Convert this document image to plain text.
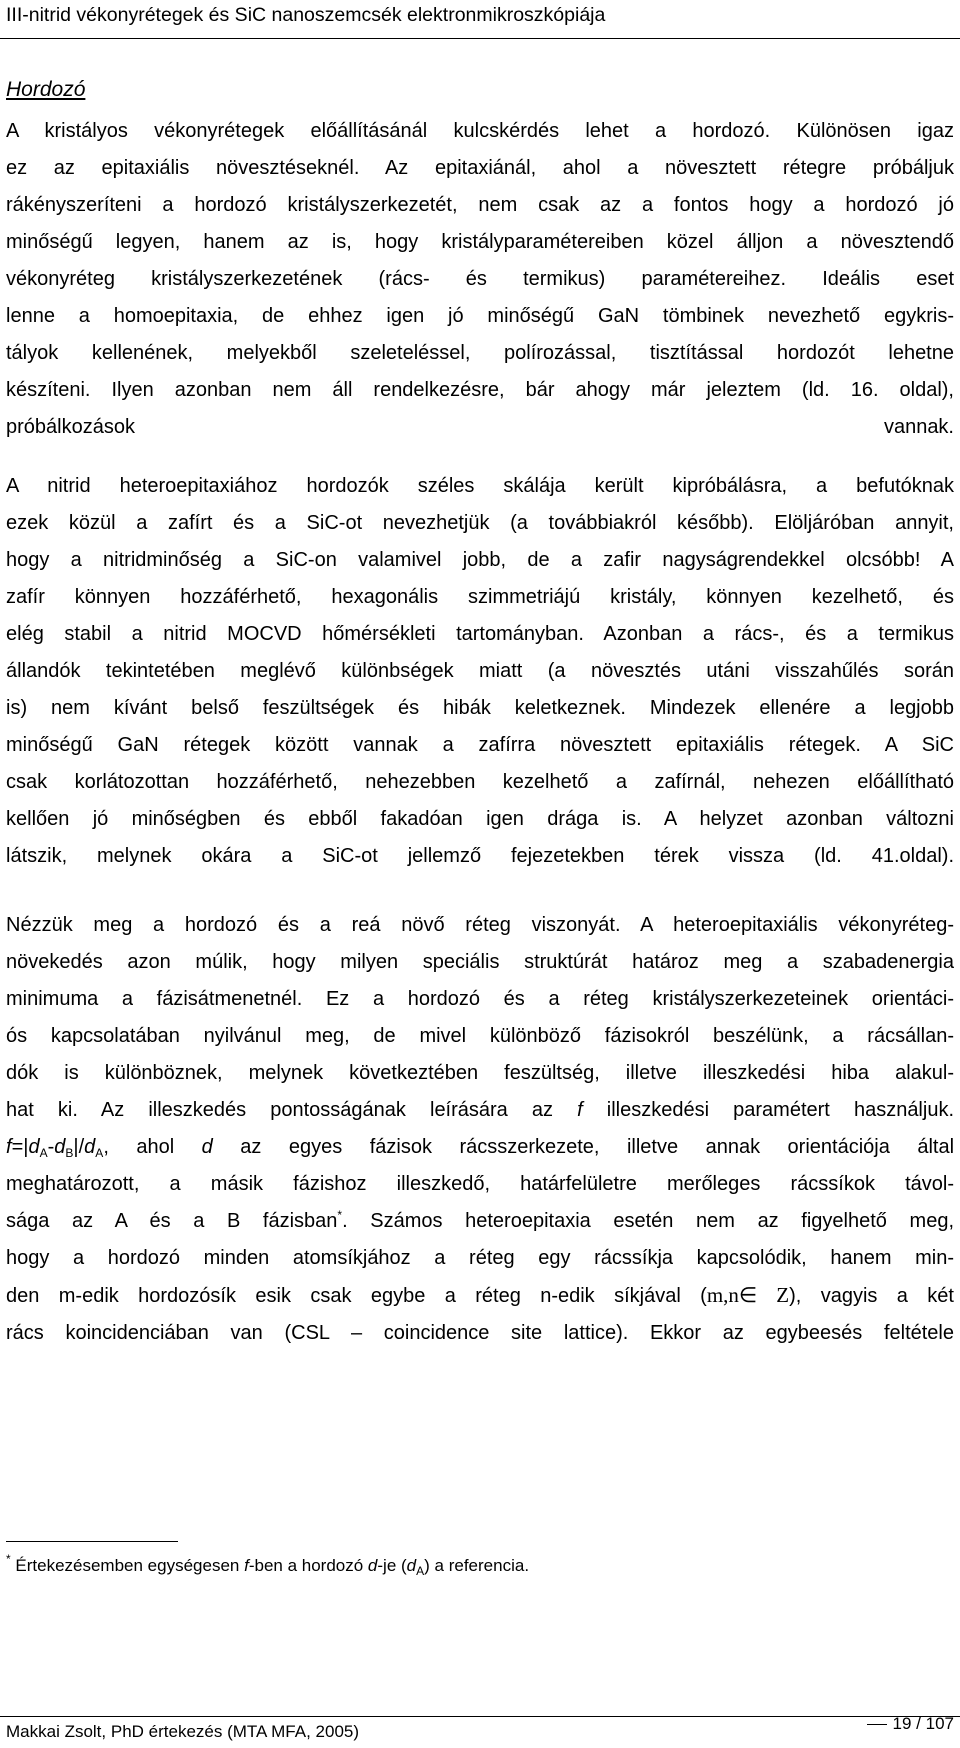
III-nitrid vékonyrétegek és SiC nanoszemcsék elektronmikroszkópiája
Hordozó
A kristályos vékonyrétegek előállításánál kulcskérdés lehet a hordozó. Különösen igaz
ez az epitaxiális növesztéseknél. Az epitaxiánál, ahol a növesztett rétegre próbáljuk
rákényszeríteni a hordozó kristályszerkezetét, nem csak az a fontos hogy a hordozó jó
minőségű legyen, hanem az is, hogy kristályparamétereiben közel álljon a növesztendő
vékonyréteg kristályszerkezetének (rács- és termikus) paramétereihez. Ideális eset
lenne a homoepitaxia, de ehhez igen jó minőségű GaN tömbinek nevezhető egykris-
tályok kellenének, melyekből szeleteléssel, polírozással, tisztítással hordozót lehetne
készíteni. Ilyen azonban nem áll rendelkezésre, bár ahogy már jeleztem (ld. 16. oldal),
próbálkozások vannak.
A nitrid heteroepitaxiához hordozók széles skálája került kipróbálásra, a befutóknak
ezek közül a zafírt és a SiC-ot nevezhetjük (a továbbiakról később). Elöljáróban annyit,
hogy a nitridminőség a SiC-on valamivel jobb, de a zafir nagyságrendekkel olcsóbb! A
zafír könnyen hozzáférhető, hexagonális szimmetriájú kristály, könnyen kezelhető, és
elég stabil a nitrid MOCVD hőmérsékleti tartományban. Azonban a rács-, és a termikus
állandók tekintetében meglévő különbségek miatt (a növesztés utáni visszahűlés során
is) nem kívánt belső feszültségek és hibák keletkeznek. Mindezek ellenére a legjobb
minőségű GaN rétegek között vannak a zafírra növesztett epitaxiális rétegek. A SiC
csak korlátozottan hozzáférhető, nehezebben kezelhető a zafírnál, nehezen előállítható
kellően jó minőségben és ebből fakadóan igen drága is. A helyzet azonban változni
látszik, melynek okára a SiC-ot jellemző fejezetekben térek vissza (ld. 41.oldal).
Nézzük meg a hordozó és a reá növő réteg viszonyát. A heteroepitaxiális vékonyréteg-
növekedés azon múlik, hogy milyen speciális struktúrát határoz meg a szabadenergia
minimuma a fázisátmenetnél. Ez a hordozó és a réteg kristályszerkezeteinek orientáci-
ós kapcsolatában nyilvánul meg, de mivel különböző fázisokról beszélünk, a rácsállan-
dók is különböznek, melynek következtében feszültség, illetve illeszkedési hiba alakul-
hat ki. Az illeszkedés pontosságának leírására az f illeszkedési paramétert használjuk.
$f=|d_A-d_B|/d_A$, ahol d az egyes fázisok rácsszerkezete, illetve annak orientációja által
meghatározott, a másik fázishoz illeszkedő, határfelületre merőleges rácssíkok távol-
sága az A és a B fázisban*. Számos heteroepitaxia esetén nem az figyelhető meg,
hogy a hordozó minden atomsíkjához a réteg egy rácssíkja kapcsolódik, hanem min-
den m-edik hordozósík esik csak egybe a réteg n-edik síkjával (m,n∈ Z), vagyis a két
rács koincidenciában van (CSL – coincidence site lattice). Ekkor az egybeesés feltétele
* Értekezésemben egységesen f-ben a hordozó d-je $(d_A)$ a referencia.
Makkai Zsolt, PhD értekezés (MTA MFA, 2005)	19 / 107
